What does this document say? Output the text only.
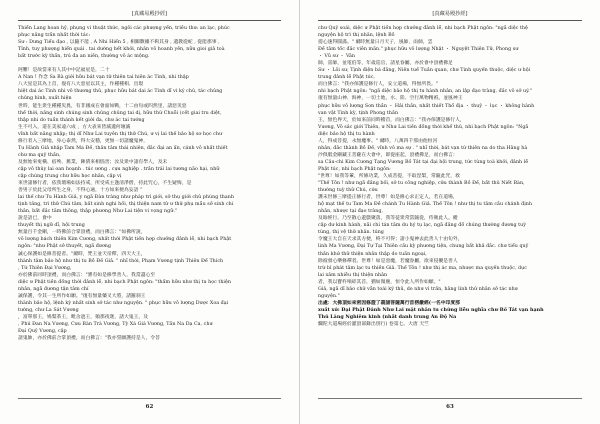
[真藏易殿抄經]
Thiền Lang hoan hỷ, phụng vi thuật thức, ngôi các phượng yến, triều thư: an lạc, phúc
phục năng trần nhất thời tác:
Sư : Dưng Tiểu đạo , 以隨不能 , Á Nhi Hiển 5 , 相關數據不夠其身 , 遺教從蛇 , 從能那事 ,
Tỉnh, tuy phượng hiển quái . tai dường hết khởi, nhân vô hoanh yên, nữu gioi giả toà
bất trước kỳ thần, trú đa an niên, thường vô ác mộng.
阿難！是故當來有人其中中記福星是，二十
A Nan ! 作念 Sa Bà giới hữu bát vạn tử thiên tai hiên ác Tinh, nhi thập
八大星是其為上首，復有八大惡星以其主，作種種相、出現
hiệt dai ác Tinh nhi vô thương thủ, phục hữu bát dai ác Tinh dĩ vi ký chủ, tác chủng
chủng hình, xuất hiện
世時，能生衆生種種災異，有非國成在會面如戰，十二由旬或四然里，諸惡災惡
thế thời, năng sinh chúng sinh chủng chủng tai dị, hữu thứ Chuỗi (cết giai tru diệt,
thập nhi do tuần thánh kết giới đa, chư ác tai tướng
生不可入，還在美家遠六成 ，方大表來皆滅遺何壞滅
vĩnh bất năng nhập; thị dĩ Như Lai tuyên thị thử Chú, ư vị lai thế bảo hộ sơ học chư
修行者入三摩地，身心泰然，得大安穩，更無一切諸魔鬼神，
Tu Hành Giả nhập Tam Ma Đề, thân tâm thái nhiên, đắc đại an ẩn, cánh vô nhất thiết
chư ma quỷ thần,
及無始來寃橫、宿殃、舊業，陳債來相惱害；汝及衆中諸有學人，及未
cập vô thủy lai oan hoạnh . túc ương . cựu nghiệp . trần trái lai tương não hại, nhữ
cập chúng trung chư hữu học nhân, cập vị
來世諸修行者，依我壇場如法持戒，所受戒主逢清淨僧，持此咒心，不生疑悔，是
善男子於此父母所生之身，不得心通，十方如來便為妄語 ”
lai thế chư Tu Hành Giả, y ngã Đàn tràng như pháp trì giới, sở thụ giới chủ phùng thanh
tịnh tăng, trì thử Chú tâm, bất sinh nghi hối, thị thiện nam tử ư thử phụ mẫu sở sinh chi
thân, bất đắc tâm thông, thập phương Như Lai tiện vi vọng ngữ."
說是語已，會中
thuyết thị ngữ dĩ, hội trung
無量百千金剛，一時佛前合掌頂禮，而白佛言："如佛所說，
vô lượng bách thiên Kim Cương, nhất thời Phật tiền hợp chưởng đảnh lễ, nhi bạch Phật
ngôn: "như Phật sở thuyết, ngã đương
誠心保護如是修菩提者。"爾時，梵王並天帝釋，四天大王，
thành tâm bảo hộ như thị tu Bồ Đề Giả. " nhĩ thời, Phạm Vương tịnh Thiên Đế Thích
, Tứ Thiên Đại Vương,
亦於佛前同時頂禮，而白佛言："審有如是修學善人，我當盡心至
diệc ư Phật tiền đồng thời đảnh lễ, nhi bạch Phật ngôn: "thẩm hữu như thị tu học thiện
nhân, ngã đương tận tâm chí
誠保護，令其一生所作如願。"復有無量藥叉大將，諸羅刹王
thành bảo hộ, lệnh kỳ nhất sinh sở tác như nguyện. " phục hữu vô lượng Dược Xoa đại
tướng, chư La Sát Vương
，富單那王，鳩槃茶王，毗舍遮王，頻那夜迦，諸大鬼王，及
, Phú Đan Na Vương, Cưu Bàn Trà Vương, Tỳ Xá Giá Vương, Tần Na Dạ Ca, chư
Đại Quỷ Vương, cập
諸鬼帥，亦於佛前合掌頂禮，而白佛言："我亦誓願護持是人，令菩
62
[真藏易殿抄經]
chư Quỷ soái, diệc ư Phật tiền hợp chưởng đảnh lễ, nhi bạch Phật ngôn: "ngã diệc thệ
nguyện hộ trì thị nhân, lệnh Bồ
提心速得圓滿。" 爾時無量日月天子，風師，雨師，雲
Đề tâm tốc đắc viên mãn." phục hữu vô lượng Nhật ・ Nguyệt Thiên Tử, Phong sư
・ Vũ sư ・ Vân
師，雷師，並電伯等，年歲巡官，諸星眷屬，亦於會中頂禮佛足
Sư ・ Lôi sư, Tịnh điện bá đẳng, Niên tuế Tuần quan, chư Tinh quyến thuộc, diệc ư hội
trung đảnh lễ Phật túc,
而白佛言："我亦保護是修行人，安立道場，得無所畏。"
nhi bạch Phật ngôn: "ngã diệc bảo hộ thị tu hành nhân, an lập đạo tràng, đắc vô sở uý."
復有無量山神、海神，一切土地，水、陸、空行萬物精祇，並風神王
phục hữu vô lượng Sơn thần ・ Hải thần, nhất thiết Thổ địa ・ thuỷ ・ lục ・ không hành
van vật Tinh kỳ, tịnh Phong thần
王，無色界天，於如來前同時稽首，而白佛言："我亦保護是修行人，
Vương, Vô sắc giới Thiên, ư Như Lai tiền đồng thời khể thủ, nhi bạch Phật ngôn: "Ngã
diệc bảo hộ thị tu hành
人，得成菩提，永無魔事。" 爾時，八萬四千那由他恒河
nhân, đắc thành Bồ Đề, vĩnh vô ma sự . " nhĩ thời, bát vạn tứ thiên na do tha Hằng hà
沙俱胝金剛藏王菩薩在大會中，即從座起，頂禮佛足，而白佛言：
sa Câu-chi Kim Cương Tạng Vương Bồ Tát tại đại hội trung, tức tùng toà khởi, đảnh lễ
Phật túc, nhi bạch Phật ngôn:
"世尊！如我等輩，所修功業，久成菩提，不取涅槃，常隨此咒，救
"Thế Tôn ! như ngã đẳng bối, sở tu công nghiệp, cửu thành Bồ Đề, bất thủ Niết Bàn,
thường tuỳ thử Chú, cứu
護末世修三摩提正修行者，世尊！如是修心求正定人，若在道場，
hộ mạt thế tu Tam Ma Đề chánh Tu Hành Giả. Thế Tôn ! như thị tu tâm cầu chánh định
nhân, nhược tại đạo tràng,
及餘經行，乃至散心遊戲聚落，我等徒衆常當隨從，侍衛此人。縱
cập dư kinh hành, nãi chí tán tâm du hý tụ lạc, ngã đẳng đồ chúng thường đương tuỳ
tùng, thị vệ thử nhân. túng
令魔王大自在天求其方便，終不可得；諸小鬼神去此善人十由旬外，
linh Ma Vương, Đại Tự Tại Thiên cầu kỳ phương tiện, chung bất khả đắc. chư tiểu quỷ
thần khứ thử thiện nhân thập do tuần ngoại,
除彼發心樂修禪者。世尊！如是惡魔，若魔眷屬，欲來侵擾是善人
trừ bỉ phát tâm lạc tu thiền Giả. Thế Tôn ! như thị ác ma, nhược ma quyến thuộc, dục
lai xâm nhiễu thị thiện nhân
者，我以寶杵殞碎其首，猶如微塵，恒令此人所作如願。"
Giả, ngã dĩ bảo chử vẫn toái kỳ thủ, do như vi trần, hằng linh thử nhân sở tác như
nguyện."
出處：大佛頂如來密因修證了義諸菩薩萬行首楞嚴經(一名中印度那
xuất xứ: Đại Phật Đảnh Như Lai mật nhân tu chứng liễu nghĩa chư Bồ Tát vạn hạnh
Thủ Lăng Nghiêm kinh (nhất danh trung Ấn Độ Na
爛陀大道場經於灌頂部錄出別行) 卷第七。大唐 天竺
63
